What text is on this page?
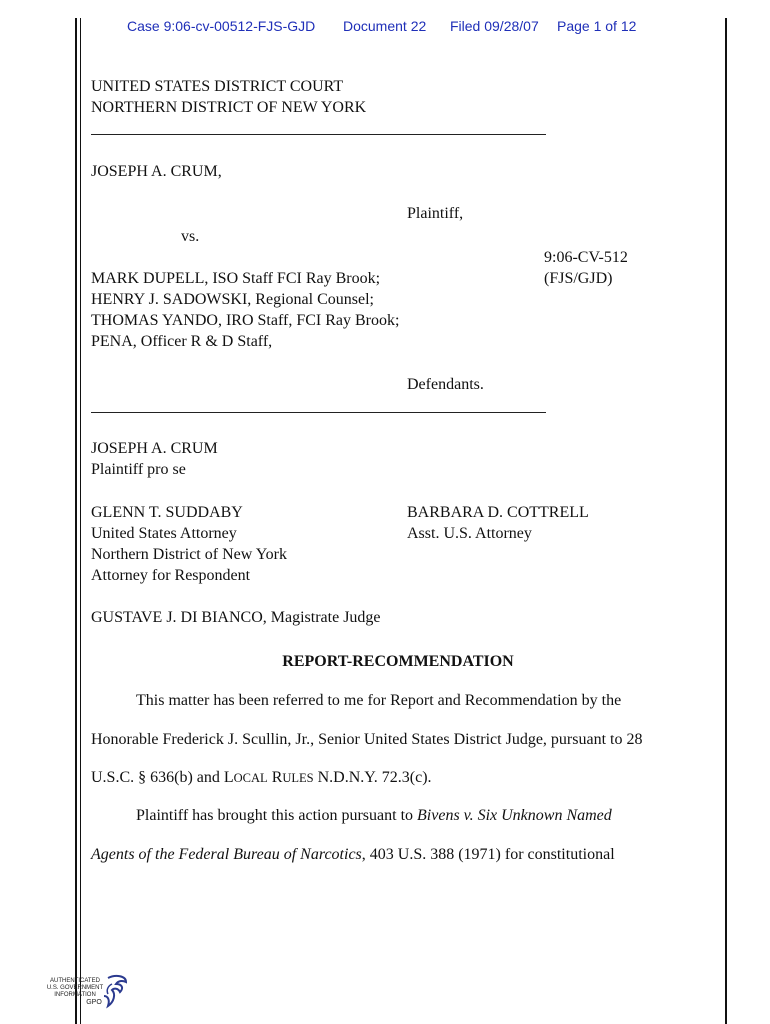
Case 9:06-cv-00512-FJS-GJD Document 22 Filed 09/28/07 Page 1 of 12
UNITED STATES DISTRICT COURT
NORTHERN DISTRICT OF NEW YORK
JOSEPH A. CRUM,
Plaintiff,
vs.
9:06-CV-512
(FJS/GJD)
MARK DUPELL, ISO Staff FCI Ray Brook;
HENRY J. SADOWSKI, Regional Counsel;
THOMAS YANDO, IRO Staff, FCI Ray Brook;
PENA, Officer R & D Staff,
Defendants.
JOSEPH A. CRUM
Plaintiff pro se
GLENN T. SUDDABY
United States Attorney
Northern District of New York
Attorney for Respondent
BARBARA D. COTTRELL
Asst. U.S. Attorney
GUSTAVE J. DI BIANCO, Magistrate Judge
REPORT-RECOMMENDATION
This matter has been referred to me for Report and Recommendation by the
Honorable Frederick J. Scullin, Jr., Senior United States District Judge, pursuant to 28
U.S.C. § 636(b) and LOCAL RULES N.D.N.Y. 72.3(c).
Plaintiff has brought this action pursuant to Bivens v. Six Unknown Named
Agents of the Federal Bureau of Narcotics, 403 U.S. 388 (1971) for constitutional
AUTHENTICATED
U.S. GOVERNMENT
INFORMATION
GPO
